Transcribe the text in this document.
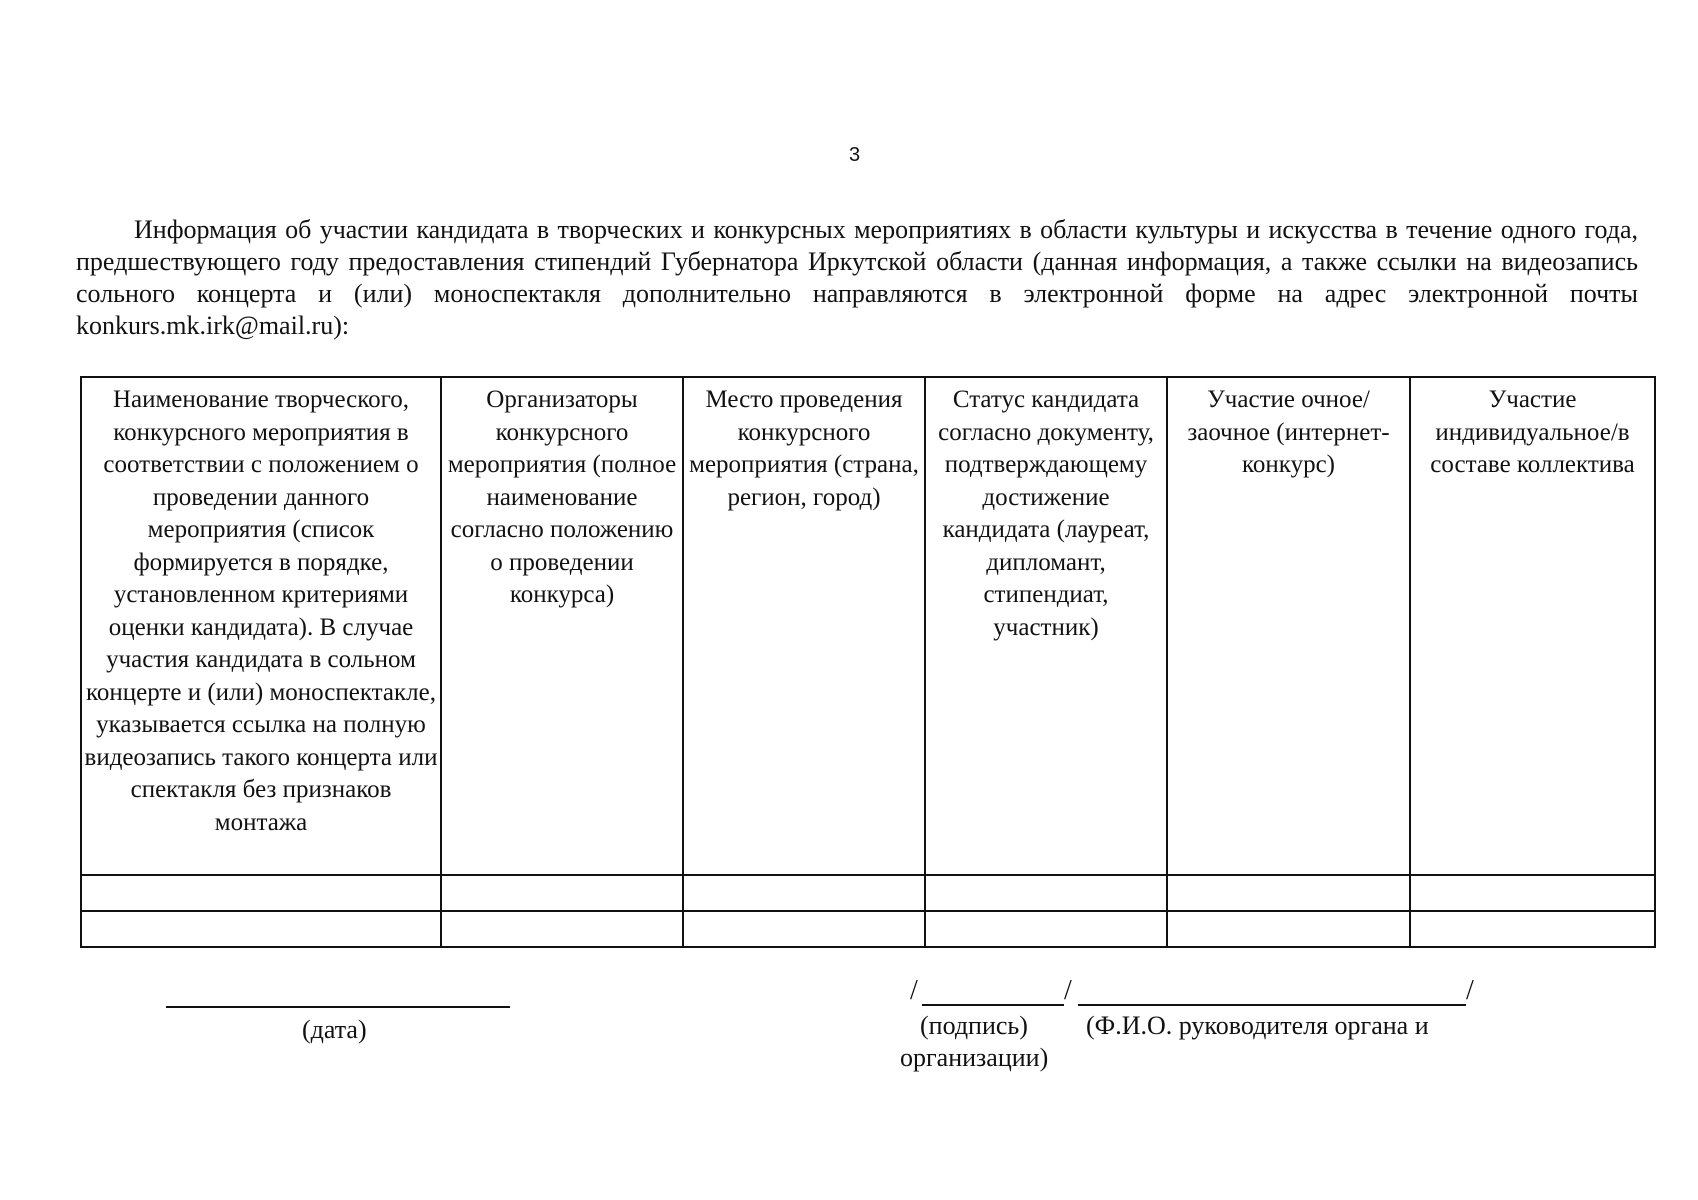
3

Информация об участии кандидата в творческих и конкурсных мероприятиях в области культуры и искусства в течение одного года, предшествующего году предоставления стипендий Губернатора Иркутской области (данная информация, а также ссылки на видеозапись сольного концерта и (или) моноспектакля дополнительно направляются в электронной форме на адрес электронной почты konkurs.mk.irk@mail.ru):

Наименование творческого, конкурсного мероприятия в соответствии с положением о проведении данного мероприятия (список формируется в порядке, установленном критериями оценки кандидата). В случае участия кандидата в сольном концерте и (или) моноспектакле, указывается ссылка на полную видеозапись такого концерта или спектакля без признаков монтажа	Организаторы конкурсного мероприятия (полное наименование согласно положению о проведении конкурса)	Место проведения конкурсного мероприятия (страна, регион, город)	Статус кандидата согласно документу, подтверждающему достижение кандидата (лауреат, дипломант, стипендиат, участник)	Участие очное/заочное (интернет-конкурс)	Участие индивидуальное/в составе коллектива

(дата)
/	/	/
(подпись)	(Ф.И.О. руководителя органа и организации)
